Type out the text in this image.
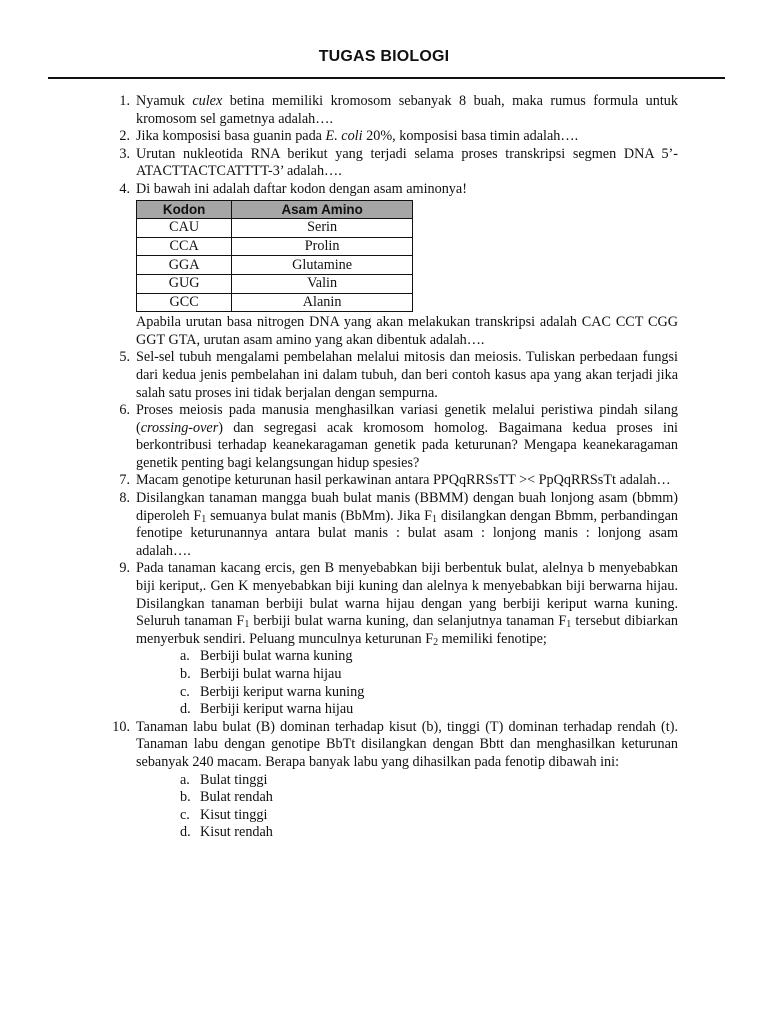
TUGAS BIOLOGI
1. Nyamuk culex betina memiliki kromosom sebanyak 8 buah, maka rumus formula untuk kromosom sel gametnya adalah….

2. Jika komposisi basa guanin pada E. coli 20%, komposisi basa timin adalah….

3. Urutan nukleotida RNA berikut yang terjadi selama proses transkripsi segmen DNA 5’-ATACTTACTCATTTT-3’ adalah….

4. Di bawah ini adalah daftar kodon dengan asam aminonya!

Kodon	Asam Amino
CAU	Serin
CCA	Prolin
GGA	Glutamine
GUG	Valin
GCC	Alanin

Apabila urutan basa nitrogen DNA yang akan melakukan transkripsi adalah CAC CCT CGG GGT GTA, urutan asam amino yang akan dibentuk adalah….

5. Sel-sel tubuh mengalami pembelahan melalui mitosis dan meiosis. Tuliskan perbedaan fungsi dari kedua jenis pembelahan ini dalam tubuh, dan beri contoh kasus apa yang akan terjadi jika salah satu proses ini tidak berjalan dengan sempurna.

6. Proses meiosis pada manusia menghasilkan variasi genetik melalui peristiwa pindah silang (crossing-over) dan segregasi acak kromosom homolog. Bagaimana kedua proses ini berkontribusi terhadap keanekaragaman genetik pada keturunan? Mengapa keanekaragaman genetik penting bagi kelangsungan hidup spesies?

7. Macam genotipe keturunan hasil perkawinan antara PPQqRRSsTT >< PpQqRRSsTt adalah…

8. Disilangkan tanaman mangga buah bulat manis (BBMM) dengan buah lonjong asam (bbmm) diperoleh $F_1$ semuanya bulat manis (BbMm). Jika $F_1$ disilangkan dengan Bbmm, perbandingan fenotipe keturunannya antara bulat manis : bulat asam : lonjong manis : lonjong asam adalah….

9. Pada tanaman kacang ercis, gen B menyebabkan biji berbentuk bulat, alelnya b menyebabkan biji keriput,. Gen K menyebabkan biji kuning dan alelnya k menyebabkan biji berwarna hijau. Disilangkan tanaman berbiji bulat warna hijau dengan yang berbiji keriput warna kuning. Seluruh tanaman $F_1$ berbiji bulat warna kuning, dan selanjutnya tanaman $F_1$ tersebut dibiarkan menyerbuk sendiri. Peluang munculnya keturunan $F_2$ memiliki fenotipe;

a. Berbiji bulat warna kuning
b. Berbiji bulat warna hijau
c. Berbiji keriput warna kuning
d. Berbiji keriput warna hijau
10. Tanaman labu bulat (B) dominan terhadap kisut (b), tinggi (T) dominan terhadap rendah (t). Tanaman labu dengan genotipe BbTt disilangkan dengan Bbtt dan menghasilkan keturunan sebanyak 240 macam. Berapa banyak labu yang dihasilkan pada fenotip dibawah ini:

a. Bulat tinggi
b. Bulat rendah
c. Kisut tinggi
d. Kisut rendah
